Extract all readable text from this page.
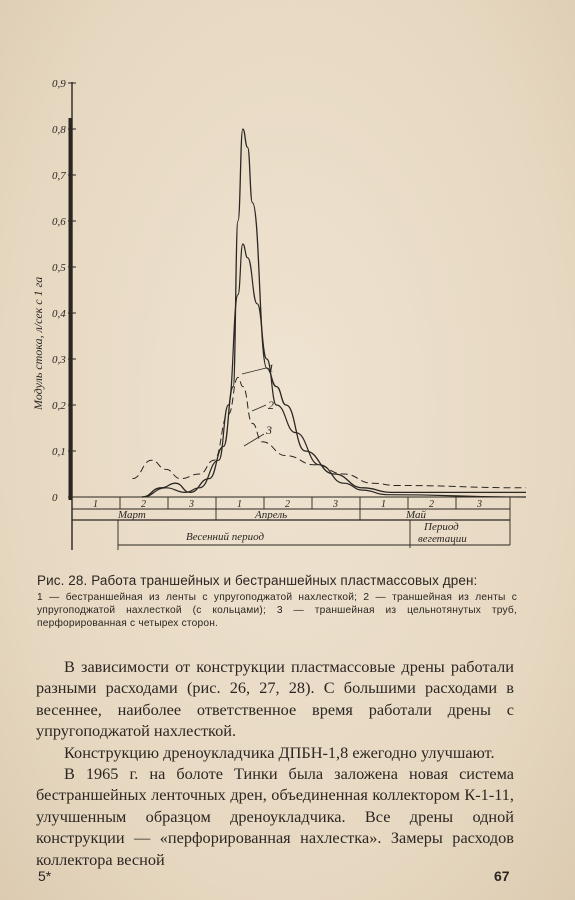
0
0,1
0,2
0,3
0,4
0,5
0,6
0,7
0,8
0,9
Модуль стока, л/сек с 1 га
1	2	3	1	2	3	1	2	3
Март	Апрель	Май
Весенний период
Период
вегетации
1
2
3
Рис. 28. Работа траншейных и бестраншейных пластмассовых дрен:
1 — бестраншейная из ленты с упругоподжатой нахлесткой; 2 — траншейная из ленты с упругоподжатой нахлесткой (с кольцами); 3 — траншейная из цельнотянутых труб, перфорированная с четырех сторон.

В зависимости от конструкции пластмассовые дрены работали разными расходами (рис. 26, 27, 28). С большими расходами в весеннее, наиболее ответственное время работали дрены с упругоподжатой нахлесткой.

Конструкцию дреноукладчика ДПБН-1,8 ежегодно улучшают.

В 1965 г. на болоте Тинки была заложена новая система бестраншейных ленточных дрен, объединенная коллектором К-1-11, улучшенным образцом дреноукладчика. Все дрены одной конструкции — «перфорированная нахлестка». Замеры расходов коллектора весной

5*	67
